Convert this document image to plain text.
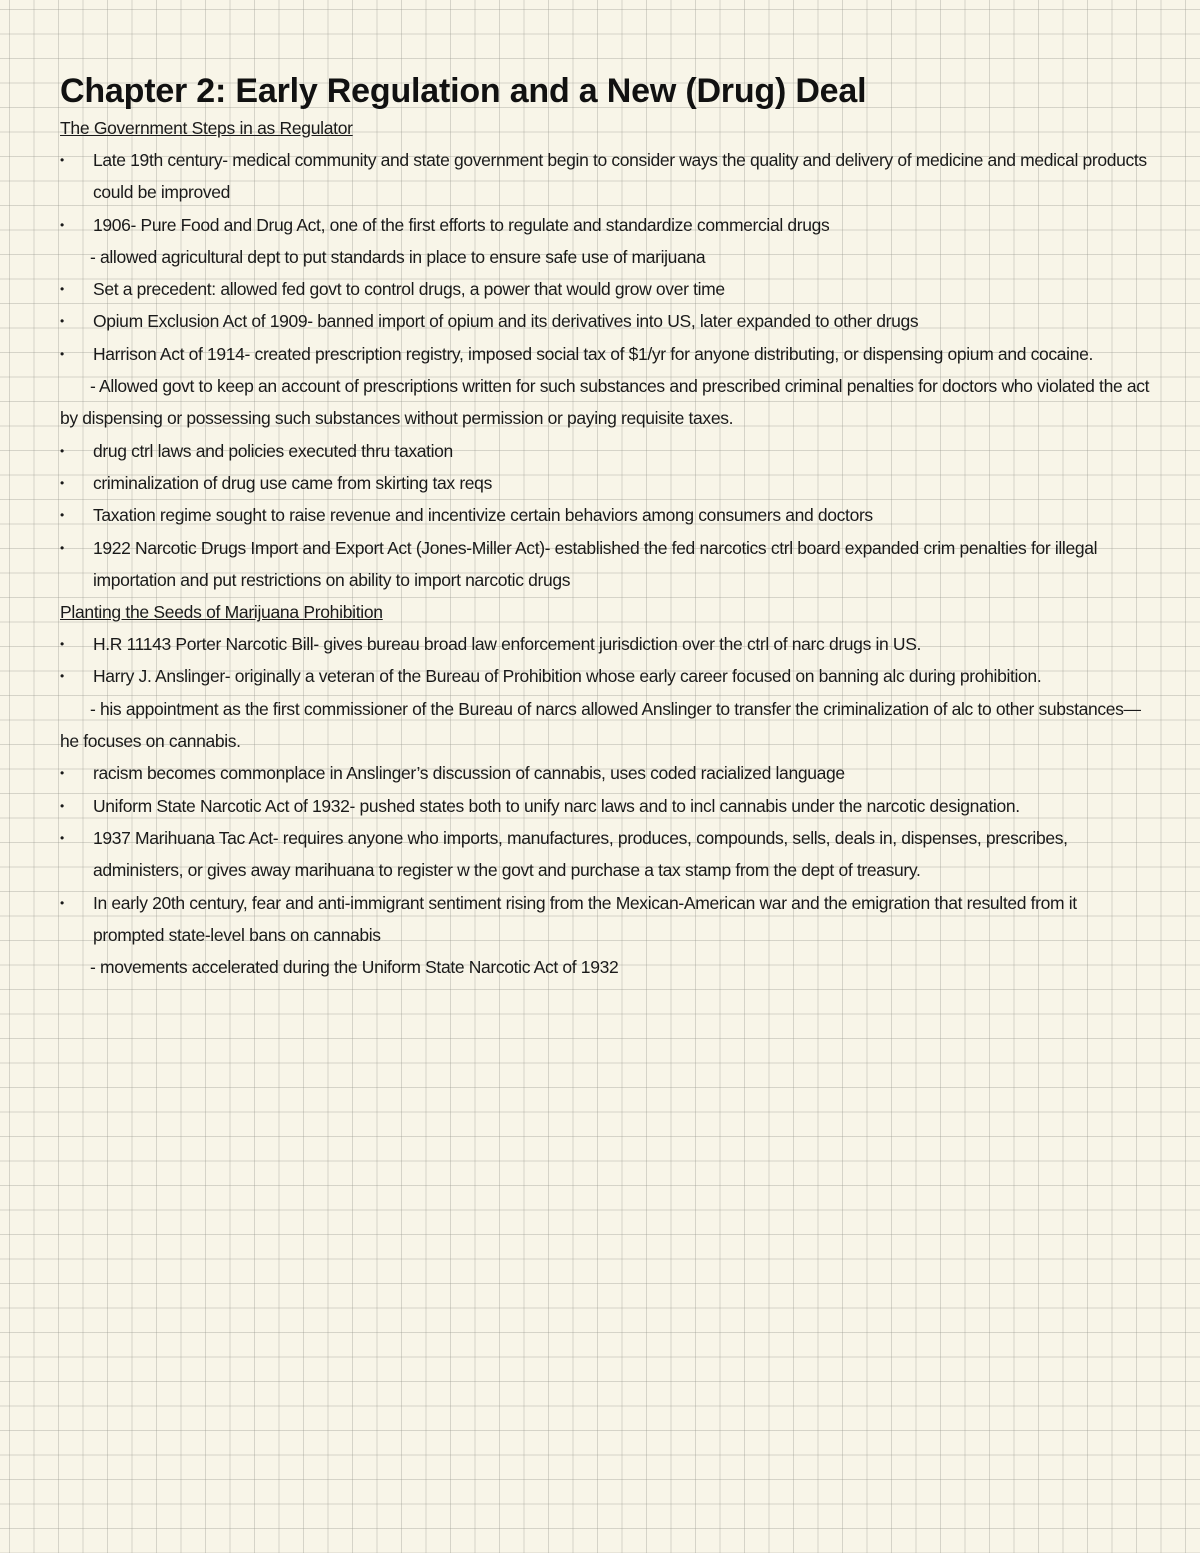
Chapter 2: Early Regulation and a New (Drug) Deal
The Government Steps in as Regulator
•	Late 19th century- medical community and state government begin to consider ways the quality and delivery of medicine and medical products could be improved
•	1906- Pure Food and Drug Act, one of the first efforts to regulate and standardize commercial drugs
- allowed agricultural dept to put standards in place to ensure safe use of marijuana
•	Set a precedent: allowed fed govt to control drugs, a power that would grow over time
•	Opium Exclusion Act of 1909- banned import of opium and its derivatives into US, later expanded to other drugs
•	Harrison Act of 1914- created prescription registry, imposed social tax of $1/yr for anyone distributing, or dispensing opium and cocaine.
- Allowed govt to keep an account of prescriptions written for such substances and prescribed criminal penalties for doctors who violated the act by dispensing or possessing such substances without permission or paying requisite taxes.
•	drug ctrl laws and policies executed thru taxation
•	criminalization of drug use came from skirting tax reqs
•	Taxation regime sought to raise revenue and incentivize certain behaviors among consumers and doctors
•	1922 Narcotic Drugs Import and Export Act (Jones-Miller Act)- established the fed narcotics ctrl board expanded crim penalties for illegal importation and put restrictions on ability to import narcotic drugs
Planting the Seeds of Marijuana Prohibition
•	H.R 11143 Porter Narcotic Bill- gives bureau broad law enforcement jurisdiction over the ctrl of narc drugs in US.
•	Harry J. Anslinger- originally a veteran of the Bureau of Prohibition whose early career focused on banning alc during prohibition.
- his appointment as the first commissioner of the Bureau of narcs allowed Anslinger to transfer the criminalization of alc to other substances— he focuses on cannabis.
•	racism becomes commonplace in Anslinger’s discussion of cannabis, uses coded racialized language
•	Uniform State Narcotic Act of 1932- pushed states both to unify narc laws and to incl cannabis under the narcotic designation.
•	1937 Marihuana Tac Act- requires anyone who imports, manufactures, produces, compounds, sells, deals in, dispenses, prescribes, administers, or gives away marihuana to register w the govt and purchase a tax stamp from the dept of treasury.
•	In early 20th century, fear and anti-immigrant sentiment rising from the Mexican-American war and the emigration that resulted from it prompted state-level bans on cannabis
- movements accelerated during the Uniform State Narcotic Act of 1932
